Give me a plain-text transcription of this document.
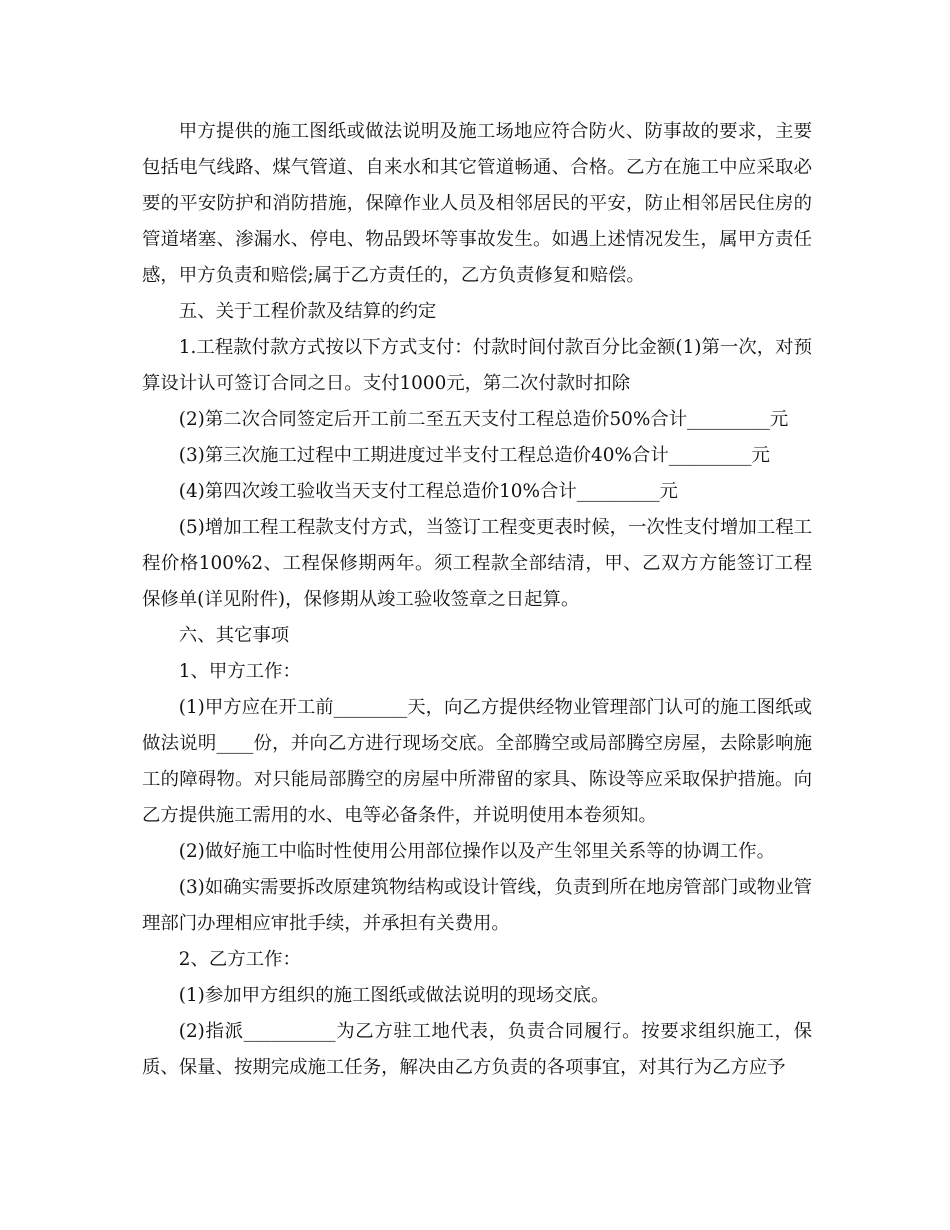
甲方提供的施工图纸或做法说明及施工场地应符合防火、防事故的要求，主要包括电气线路、煤气管道、自来水和其它管道畅通、合格。乙方在施工中应采取必要的平安防护和消防措施，保障作业人员及相邻居民的平安，防止相邻居民住房的管道堵塞、渗漏水、停电、物品毁坏等事故发生。如遇上述情况发生，属甲方责任感，甲方负责和赔偿;属于乙方责任的，乙方负责修复和赔偿。

五、关于工程价款及结算的约定

1.工程款付款方式按以下方式支付：付款时间付款百分比金额(1)第一次，对预算设计认可签订合同之日。支付1000元，第二次付款时扣除

(2)第二次合同签定后开工前二至五天支付工程总造价50%合计_________元

(3)第三次施工过程中工期进度过半支付工程总造价40%合计_________元

(4)第四次竣工验收当天支付工程总造价10%合计_________元

(5)增加工程工程款支付方式，当签订工程变更表时候，一次性支付增加工程工程价格100%2、工程保修期两年。须工程款全部结清，甲、乙双方方能签订工程保修单(详见附件)，保修期从竣工验收签章之日起算。

六、其它事项

1、甲方工作：

(1)甲方应在开工前________天，向乙方提供经物业管理部门认可的施工图纸或做法说明____份，并向乙方进行现场交底。全部腾空或局部腾空房屋，去除影响施工的障碍物。对只能局部腾空的房屋中所滞留的家具、陈设等应采取保护措施。向乙方提供施工需用的水、电等必备条件，并说明使用本卷须知。

(2)做好施工中临时性使用公用部位操作以及产生邻里关系等的协调工作。

(3)如确实需要拆改原建筑物结构或设计管线，负责到所在地房管部门或物业管理部门办理相应审批手续，并承担有关费用。

2、乙方工作：

(1)参加甲方组织的施工图纸或做法说明的现场交底。

(2)指派__________为乙方驻工地代表，负责合同履行。按要求组织施工，保质、保量、按期完成施工任务，解决由乙方负责的各项事宜，对其行为乙方应予
